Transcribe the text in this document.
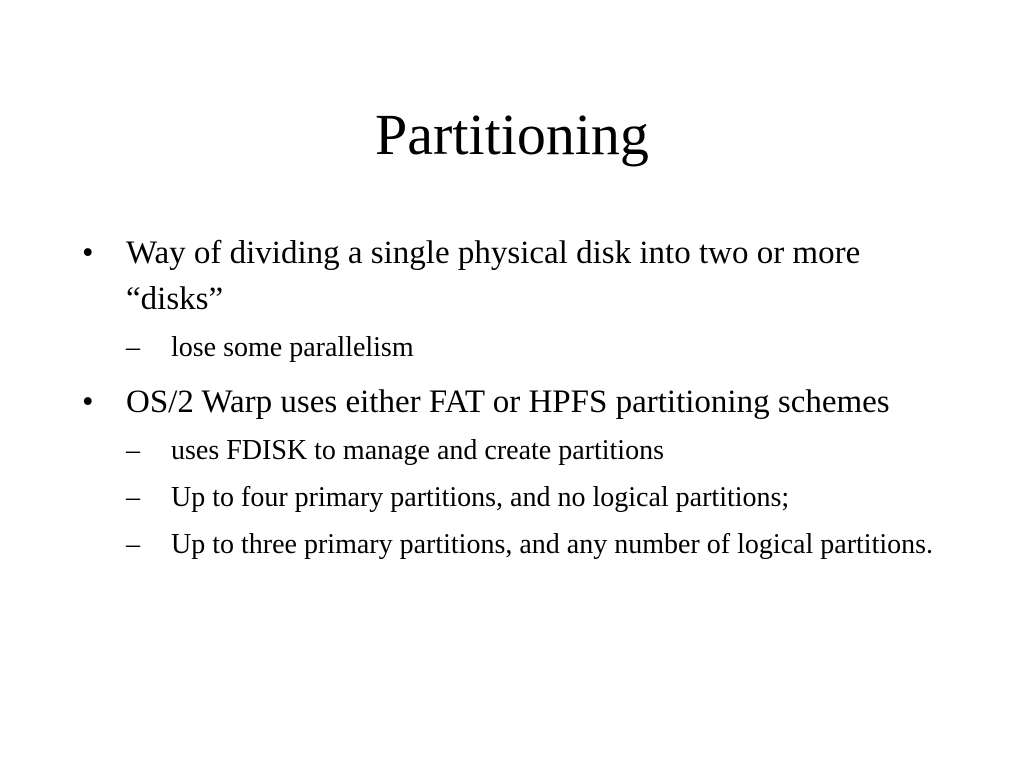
Partitioning
• Way of dividing a single physical disk into two or more “disks”
– lose some parallelism
• OS/2 Warp uses either FAT or HPFS partitioning schemes
– uses FDISK to manage and create partitions
– Up to four primary partitions, and no logical partitions;
– Up to three primary partitions, and any number of logical partitions.
